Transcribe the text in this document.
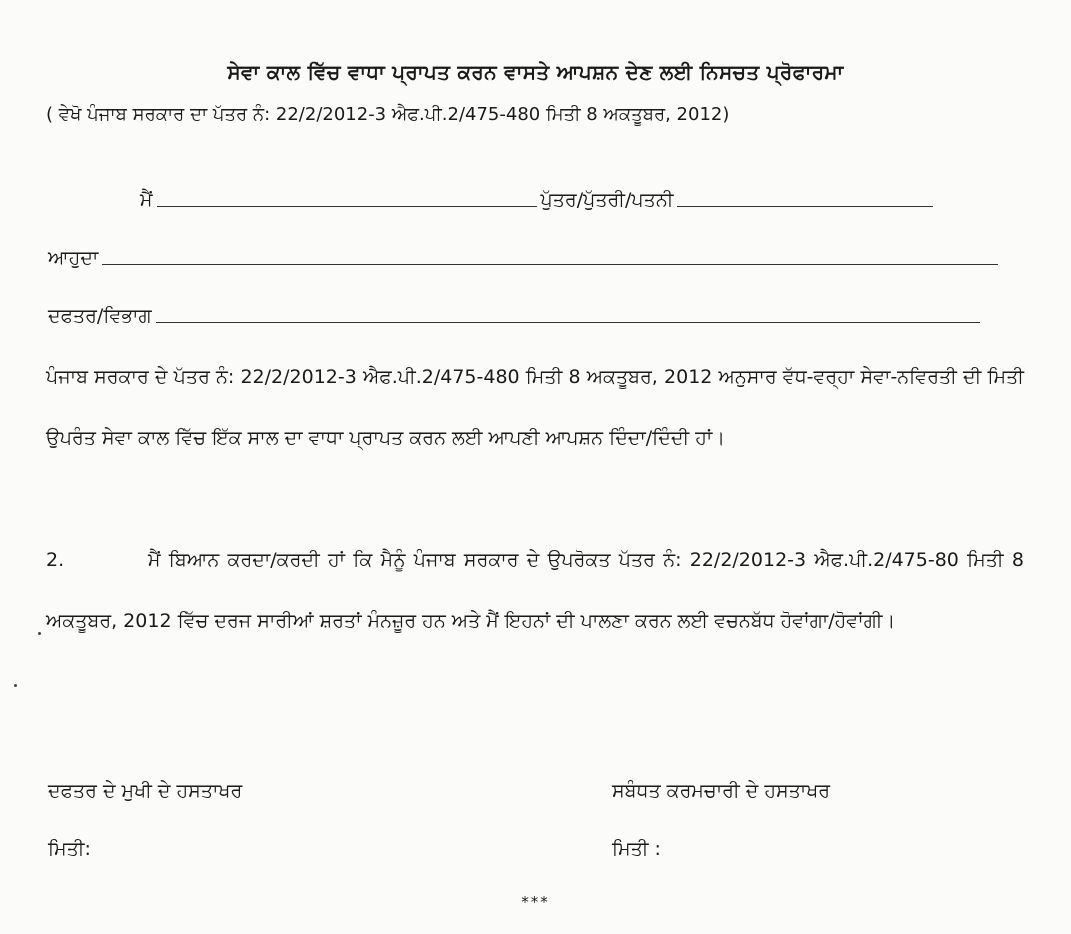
ਸੇਵਾ ਕਾਲ ਵਿੱਚ ਵਾਧਾ ਪ੍ਰਾਪਤ ਕਰਨ ਵਾਸਤੇ ਆਪਸ਼ਨ ਦੇਣ ਲਈ ਨਿਸਚਤ ਪ੍ਰੋਫਾਰਮਾ
( ਵੇਖੋ ਪੰਜਾਬ ਸਰਕਾਰ ਦਾ ਪੱਤਰ ਨੰ: 22/2/2012-3 ਐਫ.ਪੀ.2/475-480 ਮਿਤੀ 8 ਅਕਤੂਬਰ, 2012)
ਮੈਂ	ਪੁੱਤਰ/ਪੁੱਤਰੀ/ਪਤਨੀ
ਆਹੁਦਾ
ਦਫਤਰ/ਵਿਭਾਗ
ਪੰਜਾਬ ਸਰਕਾਰ ਦੇ ਪੱਤਰ ਨੰ: 22/2/2012-3 ਐਫ.ਪੀ.2/475-480 ਮਿਤੀ 8 ਅਕਤੂਬਰ, 2012 ਅਨੁਸਾਰ ਵੱਧ-ਵਰ੍ਹਾ ਸੇਵਾ-ਨਵਿਰਤੀ ਦੀ ਮਿਤੀ ਉਪਰੰਤ ਸੇਵਾ ਕਾਲ ਵਿੱਚ ਇੱਕ ਸਾਲ ਦਾ ਵਾਧਾ ਪ੍ਰਾਪਤ ਕਰਨ ਲਈ ਆਪਣੀ ਆਪਸ਼ਨ ਦਿੰਦਾ/ਦਿੰਦੀ ਹਾਂ।
2.	ਮੈਂ ਬਿਆਨ ਕਰਦਾ/ਕਰਦੀ ਹਾਂ ਕਿ ਮੈਨੂੰ ਪੰਜਾਬ ਸਰਕਾਰ ਦੇ ਉਪਰੋਕਤ ਪੱਤਰ ਨੰ: 22/2/2012-3 ਐਫ.ਪੀ.2/475-80 ਮਿਤੀ 8 ਅਕਤੂਬਰ, 2012 ਵਿੱਚ ਦਰਜ ਸਾਰੀਆਂ ਸ਼ਰਤਾਂ ਮੰਨਜ਼ੂਰ ਹਨ ਅਤੇ ਮੈਂ ਇਹਨਾਂ ਦੀ ਪਾਲਣਾ ਕਰਨ ਲਈ ਵਚਨਬੱਧ ਹੋਵਾਂਗਾ/ਹੋਵਾਂਗੀ।
ਦਫਤਰ ਦੇ ਮੁਖੀ ਦੇ ਹਸਤਾਖਰ	ਸਬੰਧਤ ਕਰਮਚਾਰੀ ਦੇ ਹਸਤਾਖਰ
ਮਿਤੀ:	ਮਿਤੀ :
***
